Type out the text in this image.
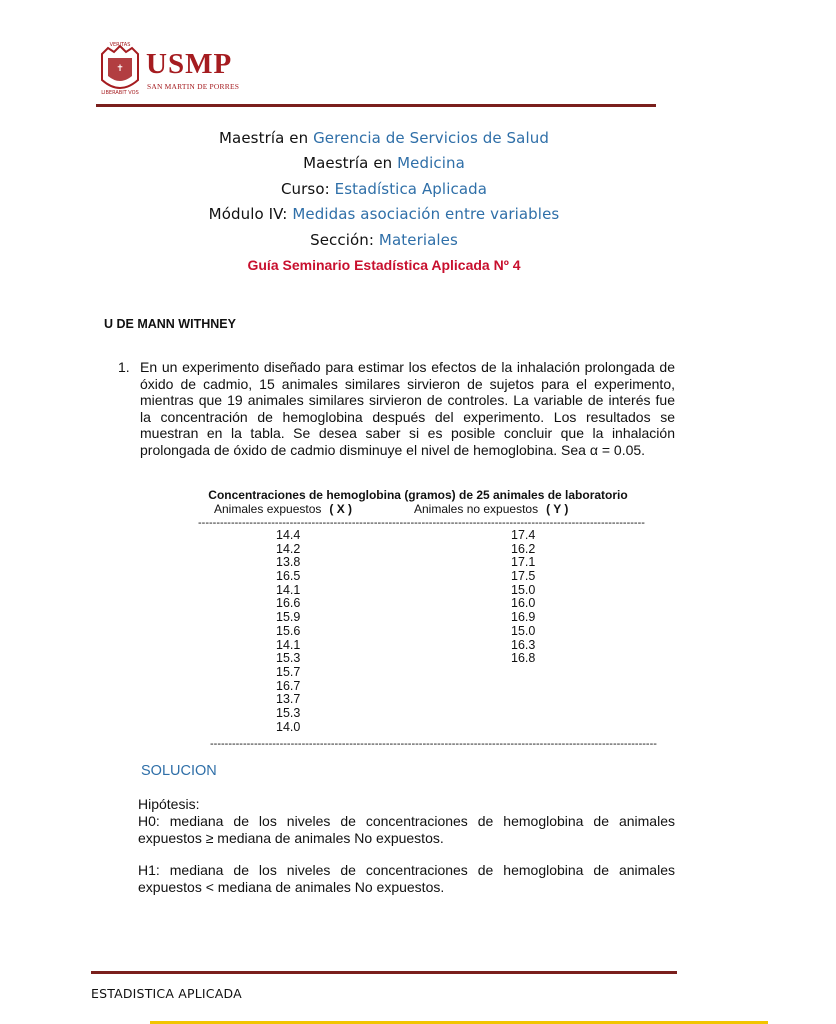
✝
VERITAS
LIBERABIT VOS
USMP
SAN MARTIN DE PORRES
Maestría en Gerencia de Servicios de Salud
Maestría en Medicina
Curso: Estadística Aplicada
Módulo IV: Medidas asociación entre variables
Sección: Materiales
Guía Seminario Estadística Aplicada Nº 4
U DE MANN WITHNEY
1. En un experimento diseñado para estimar los efectos de la inhalación prolongada de óxido de cadmio, 15 animales similares sirvieron de sujetos para el experimento, mientras que 19 animales similares sirvieron de controles. La variable de interés fue la concentración de hemoglobina después del experimento. Los resultados se muestran en la tabla. Se desea saber si es posible concluir que la inhalación prolongada de óxido de cadmio disminuye el nivel de hemoglobina. Sea α = 0.05.
Concentraciones de hemoglobina (gramos) de 25 animales de laboratorio
Animales expuestos ( X )	Animales no expuestos ( Y )
--------------------------------------------------------------------------------------------------------------------------
14.4
14.2
13.8
16.5
14.1
16.6
15.9
15.6
14.1
15.3
15.7
16.7
13.7
15.3
14.0
17.4
16.2
17.1
17.5
15.0
16.0
16.9
15.0
16.3
16.8
--------------------------------------------------------------------------------------------------------------------------
SOLUCION
Hipótesis:
H0: mediana de los niveles de concentraciones de hemoglobina de animales expuestos ≥ mediana de animales No expuestos.
H1: mediana de los niveles de concentraciones de hemoglobina de animales expuestos < mediana de animales No expuestos.
ESTADISTICA APLICADA
